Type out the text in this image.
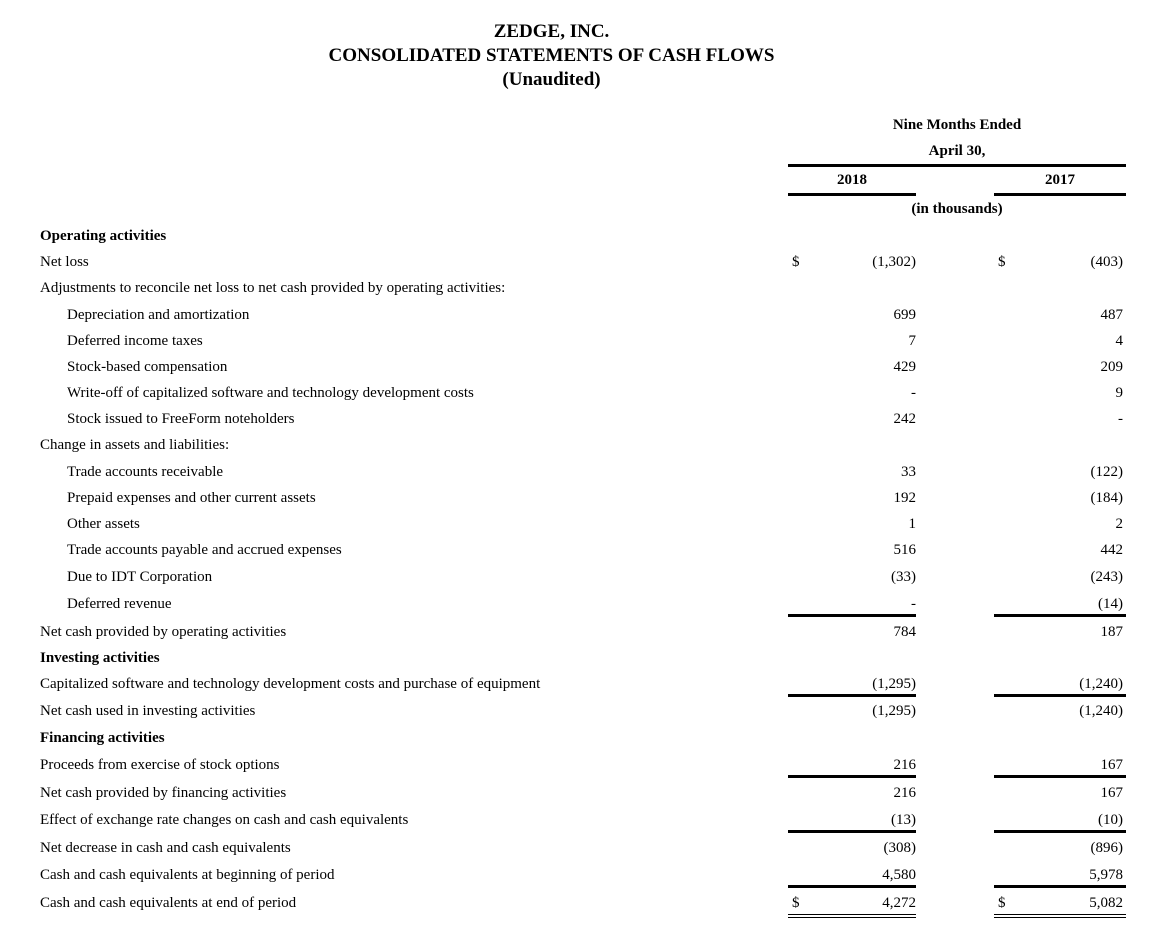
ZEDGE, INC.
CONSOLIDATED STATEMENTS OF CASH FLOWS
(Unaudited)
Nine Months Ended
April 30,
2018	2017
(in thousands)
Operating activities
Net loss	$	(1,302)	$	(403)
Adjustments to reconcile net loss to net cash provided by operating activities:
Depreciation and amortization	699	487
Deferred income taxes	7	4
Stock-based compensation	429	209
Write-off of capitalized software and technology development costs	-	9
Stock issued to FreeForm noteholders	242	-
Change in assets and liabilities:
Trade accounts receivable	33	(122)
Prepaid expenses and other current assets	192	(184)
Other assets	1	2
Trade accounts payable and accrued expenses	516	442
Due to IDT Corporation	(33)	(243)
Deferred revenue	-	(14)
Net cash provided by operating activities	784	187
Investing activities
Capitalized software and technology development costs and purchase of equipment	(1,295)	(1,240)
Net cash used in investing activities	(1,295)	(1,240)
Financing activities
Proceeds from exercise of stock options	216	167
Net cash provided by financing activities	216	167
Effect of exchange rate changes on cash and cash equivalents	(13)	(10)
Net decrease in cash and cash equivalents	(308)	(896)
Cash and cash equivalents at beginning of period	4,580	5,978
Cash and cash equivalents at end of period	$	4,272	$	5,082
